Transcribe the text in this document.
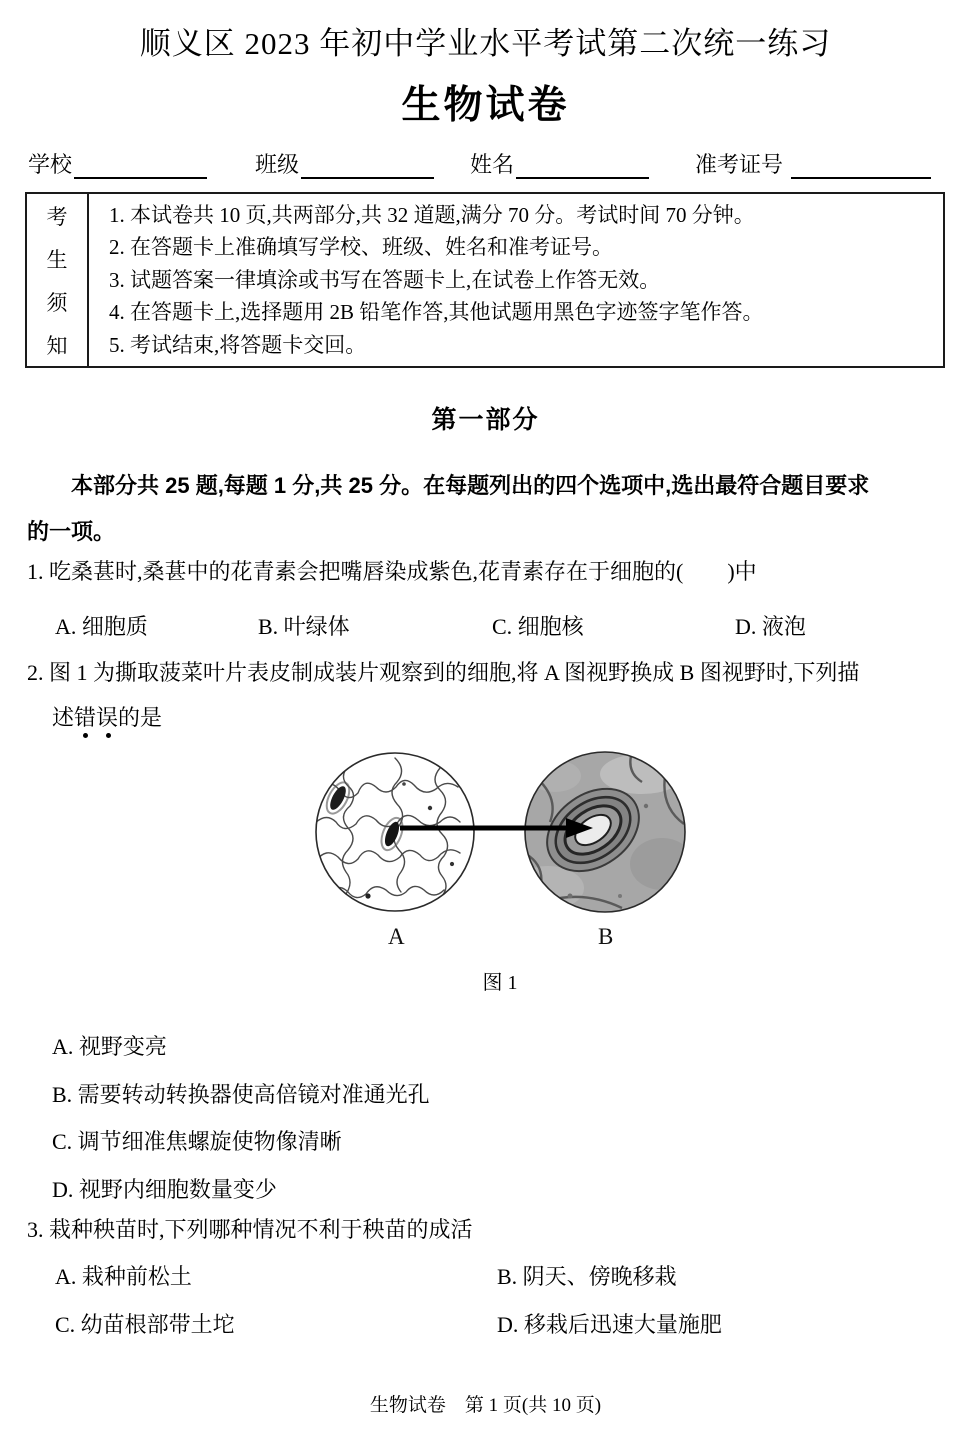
顺义区 2023 年初中学业水平考试第二次统一练习
生物试卷
学校	班级	姓名	准考证号
考
生
须
知
1. 本试卷共 10 页,共两部分,共 32 道题,满分 70 分。考试时间 70 分钟。
2. 在答题卡上准确填写学校、班级、姓名和准考证号。
3. 试题答案一律填涂或书写在答题卡上,在试卷上作答无效。
4. 在答题卡上,选择题用 2B 铅笔作答,其他试题用黑色字迹签字笔作答。
5. 考试结束,将答题卡交回。
第一部分
本部分共 25 题,每题 1 分,共 25 分。在每题列出的四个选项中,选出最符合题目要求
的一项。
1. 吃桑葚时,桑葚中的花青素会把嘴唇染成紫色,花青素存在于细胞的(　　)中
A. 细胞质	B. 叶绿体	C. 细胞核	D. 液泡
2. 图 1 为撕取菠菜叶片表皮制成装片观察到的细胞,将 A 图视野换成 B 图视野时,下列描
述错误的是
A	B
图 1
A. 视野变亮
B. 需要转动转换器使高倍镜对准通光孔
C. 调节细准焦螺旋使物像清晰
D. 视野内细胞数量变少
3. 栽种秧苗时,下列哪种情况不利于秧苗的成活
A. 栽种前松土	B. 阴天、傍晚移栽
C. 幼苗根部带土坨	D. 移栽后迅速大量施肥
生物试卷　第 1 页(共 10 页)
